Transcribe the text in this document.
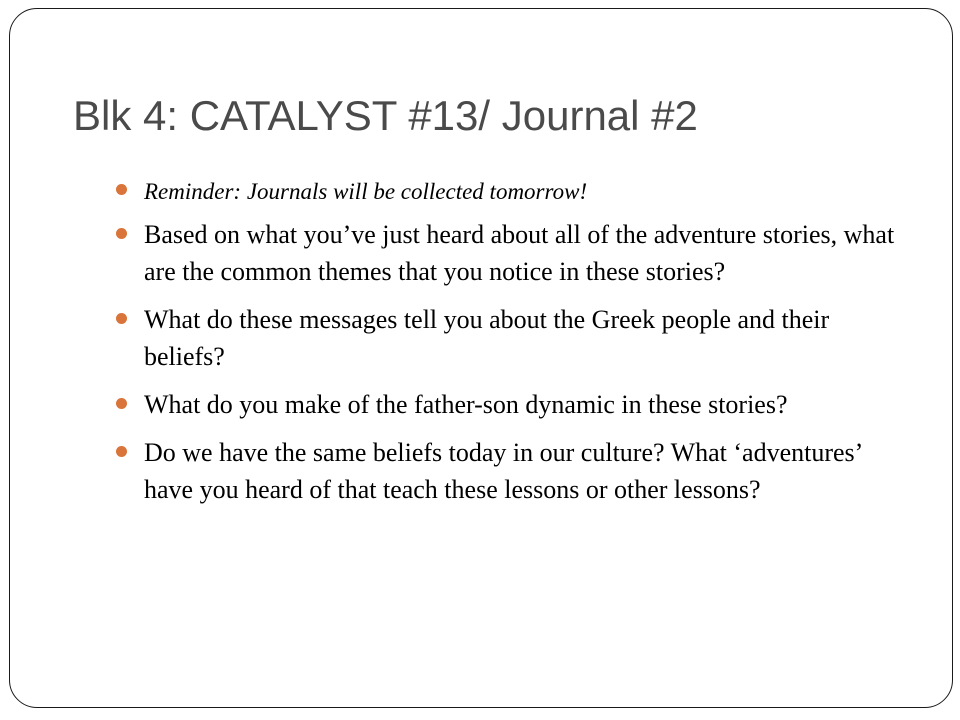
Blk 4: CATALYST #13/ Journal #2
Reminder: Journals will be collected tomorrow!
Based on what you’ve just heard about all of the adventure stories, what are the common themes that you notice in these stories?
What do these messages tell you about the Greek people and their beliefs?
What do you make of the father-son dynamic in these stories?
Do we have the same beliefs today in our culture? What ‘adventures’ have you heard of that teach these lessons or other lessons?
